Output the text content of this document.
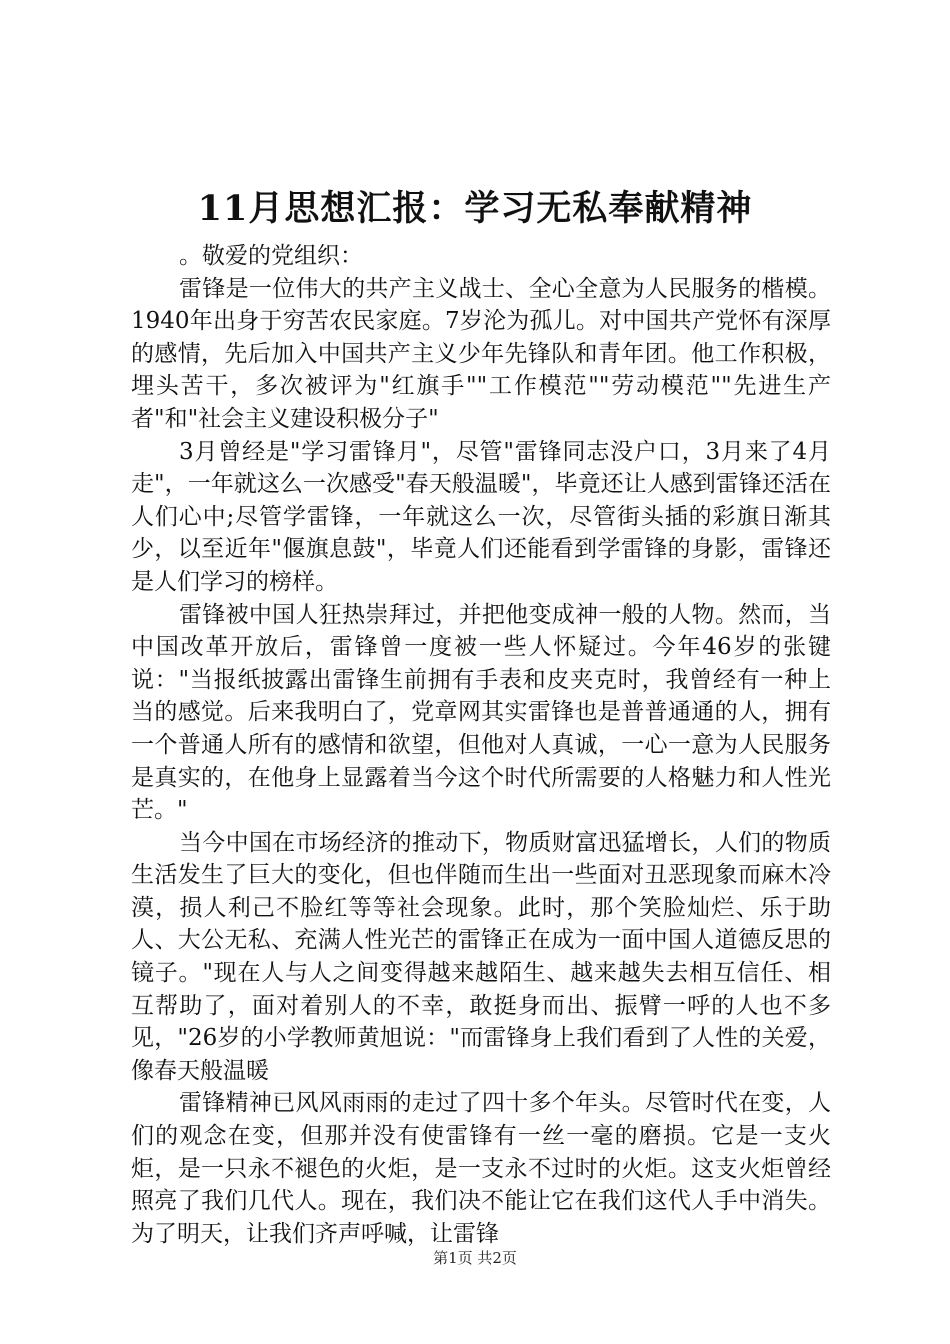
11月思想汇报：学习无私奉献精神

。敬爱的党组织：

雷锋是一位伟大的共产主义战士、全心全意为人民服务的楷模。1940年出身于穷苦农民家庭。7岁沦为孤儿。对中国共产党怀有深厚的感情，先后加入中国共产主义少年先锋队和青年团。他工作积极，埋头苦干，多次被评为"红旗手""工作模范""劳动模范""先进生产者"和"社会主义建设积极分子"

3月曾经是"学习雷锋月"，尽管"雷锋同志没户口，3月来了4月走"，一年就这么一次感受"春天般温暖"，毕竟还让人感到雷锋还活在人们心中;尽管学雷锋，一年就这么一次，尽管街头插的彩旗日渐其少，以至近年"偃旗息鼓"，毕竟人们还能看到学雷锋的身影，雷锋还是人们学习的榜样。

雷锋被中国人狂热崇拜过，并把他变成神一般的人物。然而，当中国改革开放后，雷锋曾一度被一些人怀疑过。今年46岁的张键说："当报纸披露出雷锋生前拥有手表和皮夹克时，我曾经有一种上当的感觉。后来我明白了，党章网其实雷锋也是普普通通的人，拥有一个普通人所有的感情和欲望，但他对人真诚，一心一意为人民服务是真实的，在他身上显露着当今这个时代所需要的人格魅力和人性光芒。"

当今中国在市场经济的推动下，物质财富迅猛增长，人们的物质生活发生了巨大的变化，但也伴随而生出一些面对丑恶现象而麻木冷漠，损人利己不脸红等等社会现象。此时，那个笑脸灿烂、乐于助人、大公无私、充满人性光芒的雷锋正在成为一面中国人道德反思的镜子。"现在人与人之间变得越来越陌生、越来越失去相互信任、相互帮助了，面对着别人的不幸，敢挺身而出、振臂一呼的人也不多见，"26岁的小学教师黄旭说："而雷锋身上我们看到了人性的关爱，像春天般温暖

雷锋精神已风风雨雨的走过了四十多个年头。尽管时代在变，人们的观念在变，但那并没有使雷锋有一丝一毫的磨损。它是一支火炬，是一只永不褪色的火炬，是一支永不过时的火炬。这支火炬曾经照亮了我们几代人。现在，我们决不能让它在我们这代人手中消失。为了明天，让我们齐声呼喊，让雷锋

第1页 共2页
